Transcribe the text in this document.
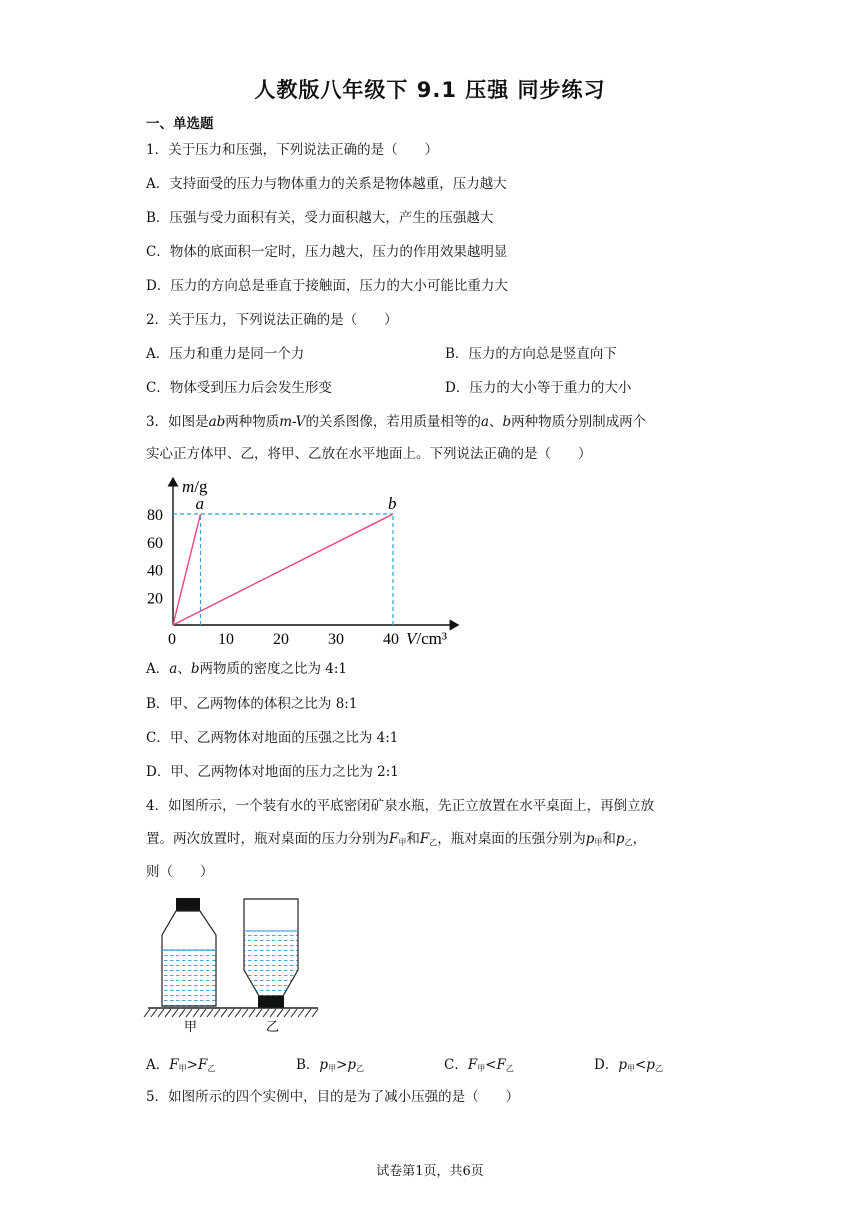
人教版八年级下 9.1 压强 同步练习
一、单选题
1．关于压力和压强，下列说法正确的是（　　）
A．支持面受的压力与物体重力的关系是物体越重，压力越大
B．压强与受力面积有关，受力面积越大，产生的压强越大
C．物体的底面积一定时，压力越大，压力的作用效果越明显
D．压力的方向总是垂直于接触面，压力的大小可能比重力大
2．关于压力，下列说法正确的是（　　）
A．压力和重力是同一个力	B．压力的方向总是竖直向下
C．物体受到压力后会发生形变	D．压力的大小等于重力的大小
3．如图是ab两种物质m-V的关系图像，若用质量相等的a、b两种物质分别制成两个
实心正方体甲、乙，将甲、乙放在水平地面上。下列说法正确的是（　　）
a	b
0	10 20 30 40
20
40
60
80
m/g
V/cm³
A．a、b两物质的密度之比为 4:1
B．甲、乙两物体的体积之比为 8:1
C．甲、乙两物体对地面的压强之比为 4:1
D．甲、乙两物体对地面的压力之比为 2:1
4．如图所示，一个装有水的平底密闭矿泉水瓶，先正立放置在水平桌面上，再倒立放
置。两次放置时，瓶对桌面的压力分别为$F_甲$和$F_乙$，瓶对桌面的压强分别为$p_甲$和$p_乙$，
则（　　）
甲	乙
A．$F_甲>F_乙$	B．$p_甲>p_乙$	C．$F_甲<F_乙$	D．$p_甲<p_乙$
5．如图所示的四个实例中，目的是为了减小压强的是（　　）
试卷第1页，共6页
